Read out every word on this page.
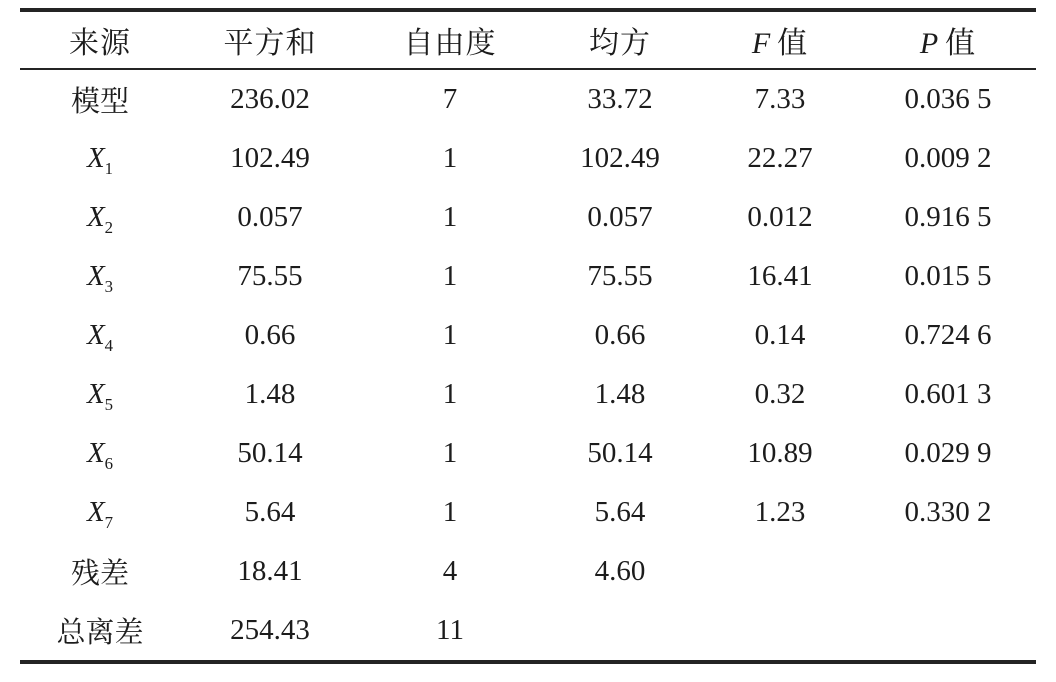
来源	平方和	自由度	均方	F 值	P 值
模型	236.02	7	33.72	7.33	0.036 5
$X_1$	102.49	1	102.49	22.27	0.009 2
$X_2$	0.057	1	0.057	0.012	0.916 5
$X_3$	75.55	1	75.55	16.41	0.015 5
$X_4$	0.66	1	0.66	0.14	0.724 6
$X_5$	1.48	1	1.48	0.32	0.601 3
$X_6$	50.14	1	50.14	10.89	0.029 9
$X_7$	5.64	1	5.64	1.23	0.330 2
残差	18.41	4	4.60		
总离差	254.43	11			
